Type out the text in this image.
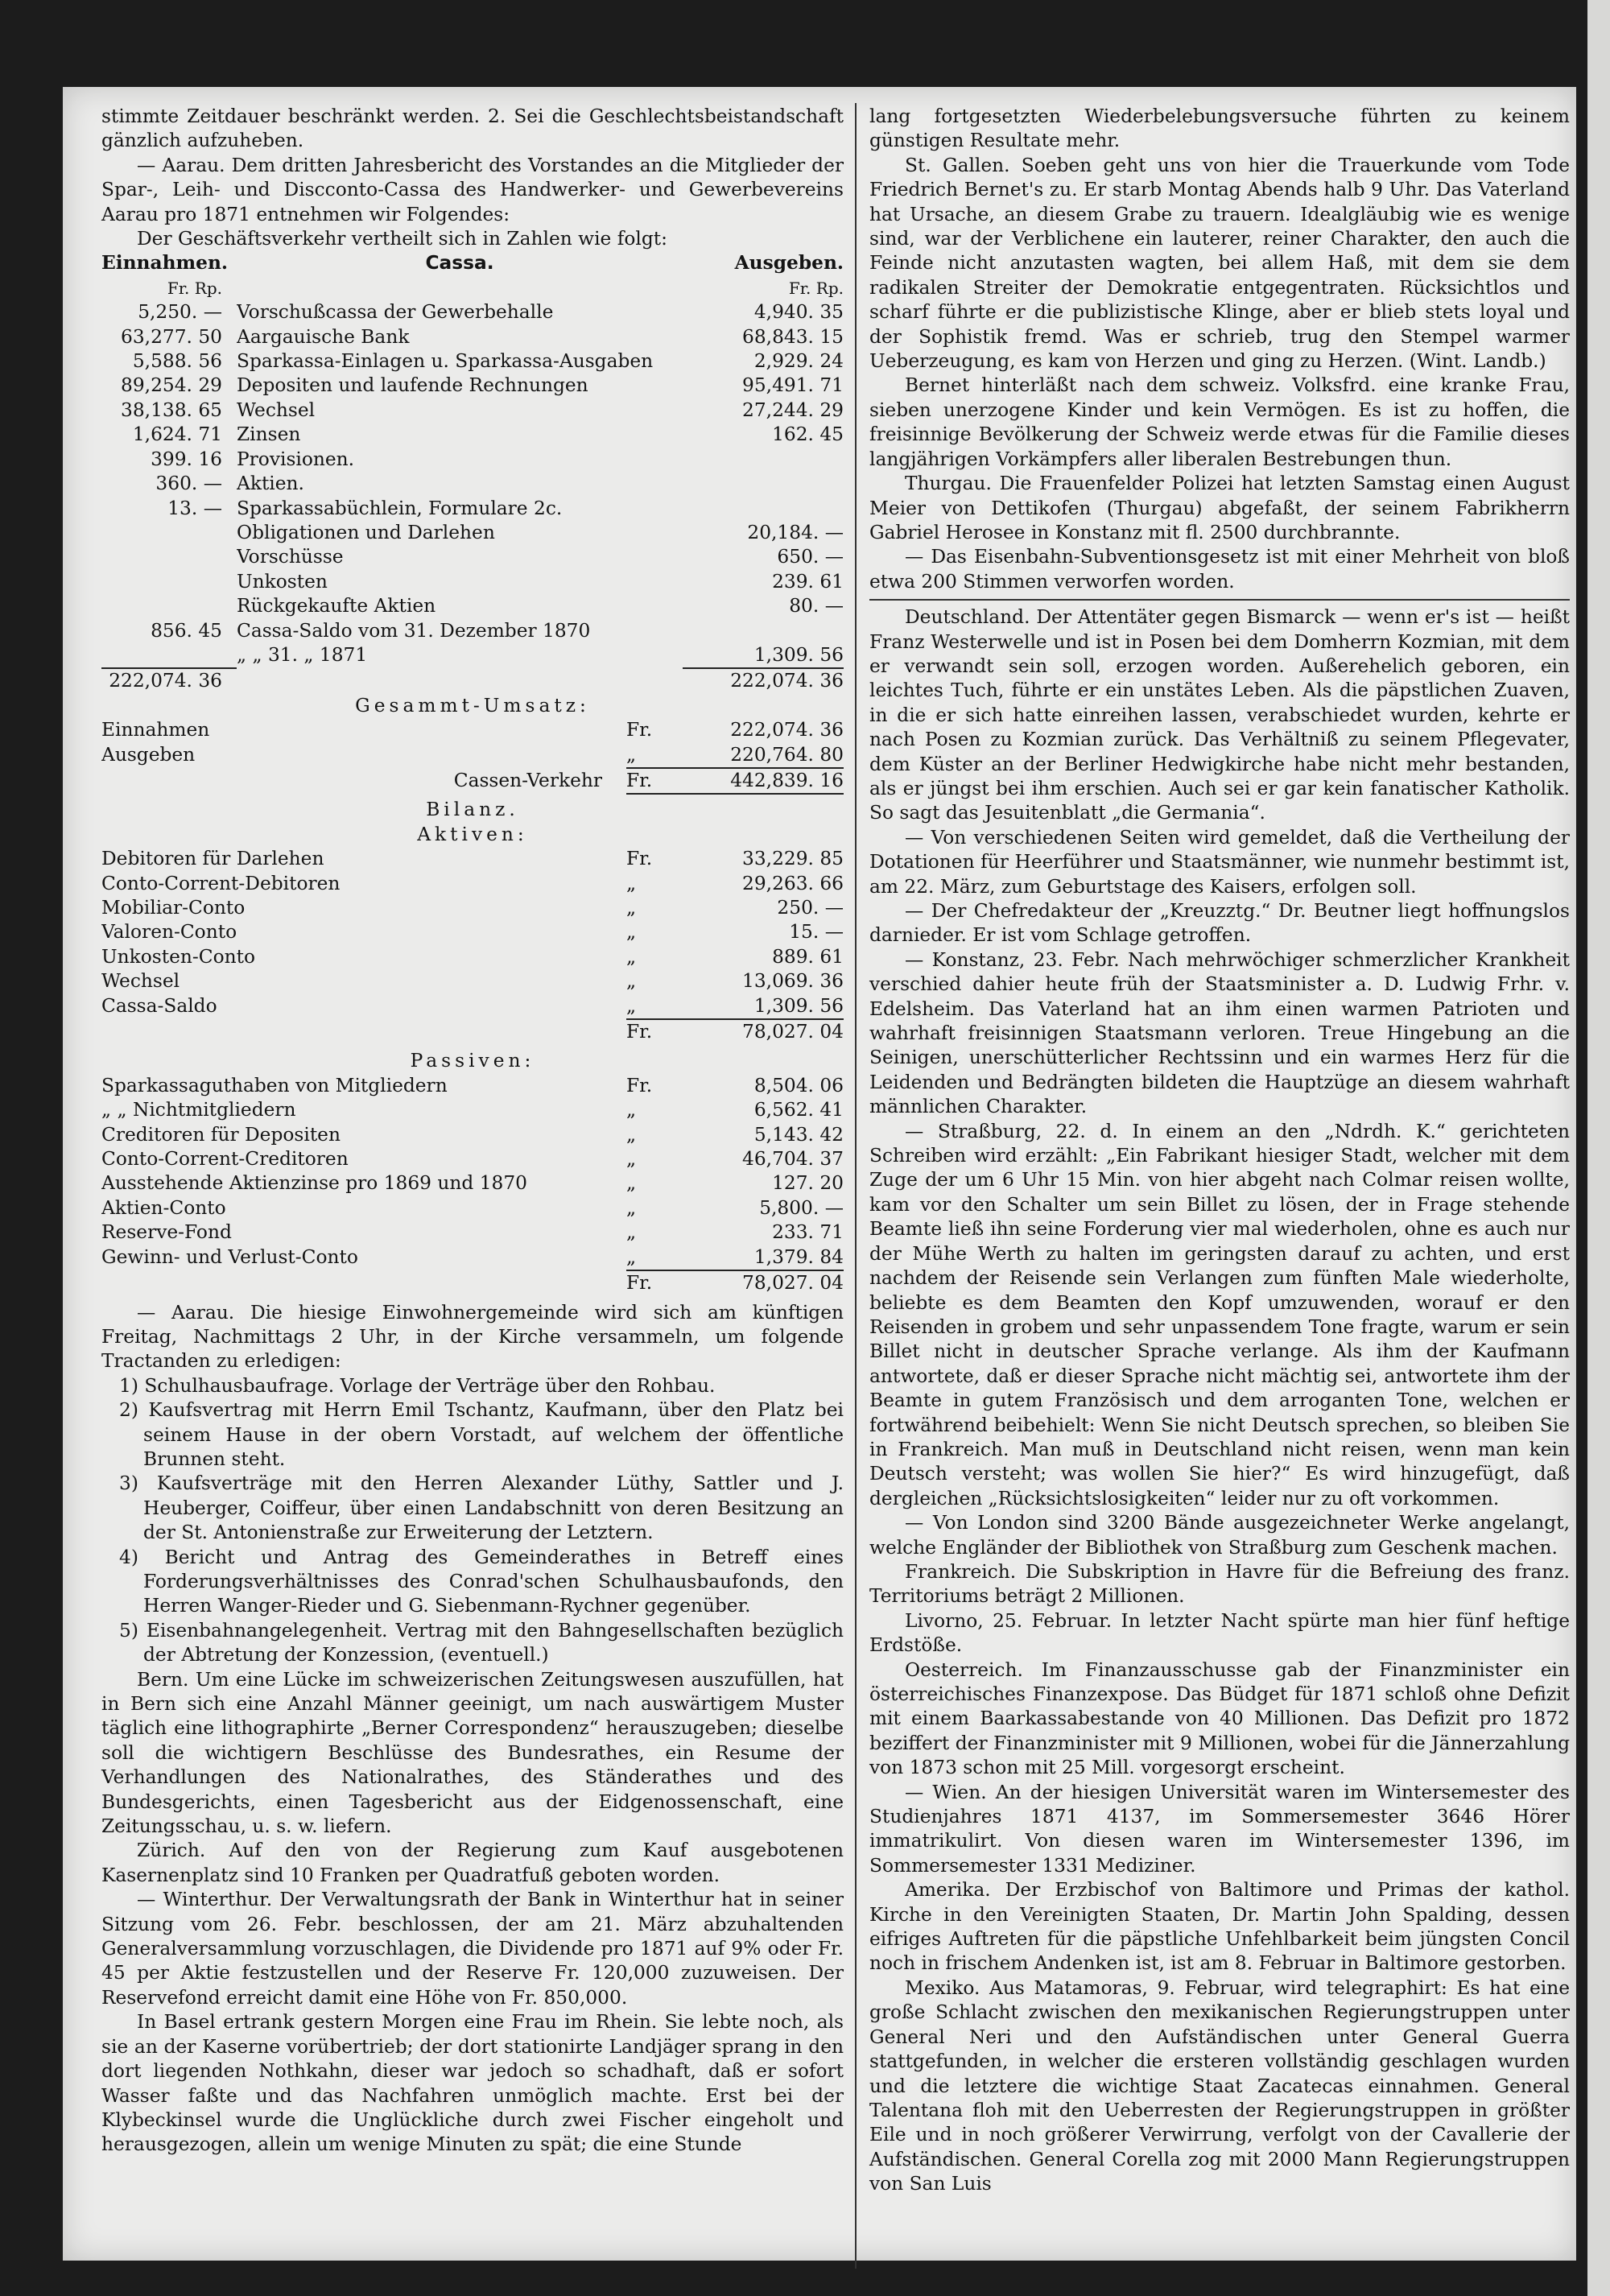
stimmte Zeitdauer beschränkt werden. 2. Sei die Geschlechtsbeistandschaft gänzlich aufzuheben.

— Aarau. Dem dritten Jahresbericht des Vorstandes an die Mitglieder der Spar-, Leih- und Discconto-Cassa des Handwerker- und Gewerbevereins Aarau pro 1871 entnehmen wir Folgendes:

Der Geschäftsverkehr vertheilt sich in Zahlen wie folgt:

Einnahmen.	Cassa.	Ausgeben.
Fr. Rp.	Fr. Rp.
5,250. — Vorschußcassa der Gewerbehalle	4,940. 35
63,277. 50 Aargauische Bank	68,843. 15
5,588. 56 Sparkassa-Einlagen u. Sparkassa-Ausgaben	2,929. 24
89,254. 29 Depositen und laufende Rechnungen	95,491. 71
38,138. 65 Wechsel	27,244. 29
1,624. 71 Zinsen	162. 45
399. 16 Provisionen.
360. — Aktien.
13. — Sparkassabüchlein, Formulare 2c.
Obligationen und Darlehen	20,184. —
Vorschüsse	650. —
Unkosten	239. 61
Rückgekaufte Aktien	80. —
856. 45 Cassa-Saldo vom 31. Dezember 1870
„ „ 31. „ 1871	1,309. 56
222,074. 36	222,074. 36
Gesammt-Umsatz:
Einnahmen	Fr.	222,074. 36
Ausgeben	„	220,764. 80
Cassen-Verkehr	Fr.	442,839. 16
Bilanz.
Aktiven:
Debitoren für Darlehen	Fr.	33,229. 85
Conto-Corrent-Debitoren	„	29,263. 66
Mobiliar-Conto	„	250. —
Valoren-Conto	„	15. —
Unkosten-Conto	„	889. 61
Wechsel	„	13,069. 36
Cassa-Saldo	„	1,309. 56
Fr.	78,027. 04
Passiven:
Sparkassaguthaben von Mitgliedern	Fr.	8,504. 06
„ „ Nichtmitgliedern	„	6,562. 41
Creditoren für Depositen	„	5,143. 42
Conto-Corrent-Creditoren	„	46,704. 37
Ausstehende Aktienzinse pro 1869 und 1870	„	127. 20
Aktien-Conto	„	5,800. —
Reserve-Fond	„	233. 71
Gewinn- und Verlust-Conto	„	1,379. 84
Fr.	78,027. 04

— Aarau. Die hiesige Einwohnergemeinde wird sich am künftigen Freitag, Nachmittags 2 Uhr, in der Kirche versammeln, um folgende Tractanden zu erledigen:

1) Schulhausbaufrage. Vorlage der Verträge über den Rohbau.
2) Kaufsvertrag mit Herrn Emil Tschantz, Kaufmann, über den Platz bei seinem Hause in der obern Vorstadt, auf welchem der öffentliche Brunnen steht.
3) Kaufsverträge mit den Herren Alexander Lüthy, Sattler und J. Heuberger, Coiffeur, über einen Landabschnitt von deren Besitzung an der St. Antonienstraße zur Erweiterung der Letztern.
4) Bericht und Antrag des Gemeinderathes in Betreff eines Forderungsverhältnisses des Conrad'schen Schulhausbaufonds, den Herren Wanger-Rieder und G. Siebenmann-Rychner gegenüber.
5) Eisenbahnangelegenheit. Vertrag mit den Bahngesellschaften bezüglich der Abtretung der Konzession, (eventuell.)

Bern. Um eine Lücke im schweizerischen Zeitungswesen auszufüllen, hat in Bern sich eine Anzahl Männer geeinigt, um nach auswärtigem Muster täglich eine lithographirte „Berner Correspondenz“ herauszugeben; dieselbe soll die wichtigern Beschlüsse des Bundesrathes, ein Resume der Verhandlungen des Nationalrathes, des Ständerathes und des Bundesgerichts, einen Tagesbericht aus der Eidgenossenschaft, eine Zeitungsschau, u. s. w. liefern.

Zürich. Auf den von der Regierung zum Kauf ausgebotenen Kasernenplatz sind 10 Franken per Quadratfuß geboten worden.

— Winterthur. Der Verwaltungsrath der Bank in Winterthur hat in seiner Sitzung vom 26. Febr. beschlossen, der am 21. März abzuhaltenden Generalversammlung vorzuschlagen, die Dividende pro 1871 auf 9% oder Fr. 45 per Aktie festzustellen und der Reserve Fr. 120,000 zuzuweisen. Der Reservefond erreicht damit eine Höhe von Fr. 850,000.

In Basel ertrank gestern Morgen eine Frau im Rhein. Sie lebte noch, als sie an der Kaserne vorübertrieb; der dort stationirte Landjäger sprang in den dort liegenden Nothkahn, dieser war jedoch so schadhaft, daß er sofort Wasser faßte und das Nachfahren unmöglich machte. Erst bei der Klybeckinsel wurde die Unglückliche durch zwei Fischer eingeholt und herausgezogen, allein um wenige Minuten zu spät; die eine Stunde

lang fortgesetzten Wiederbelebungsversuche führten zu keinem günstigen Resultate mehr.

St. Gallen. Soeben geht uns von hier die Trauerkunde vom Tode Friedrich Bernet's zu. Er starb Montag Abends halb 9 Uhr. Das Vaterland hat Ursache, an diesem Grabe zu trauern. Idealgläubig wie es wenige sind, war der Verblichene ein lauterer, reiner Charakter, den auch die Feinde nicht anzutasten wagten, bei allem Haß, mit dem sie dem radikalen Streiter der Demokratie entgegentraten. Rücksichtlos und scharf führte er die publizistische Klinge, aber er blieb stets loyal und der Sophistik fremd. Was er schrieb, trug den Stempel warmer Ueberzeugung, es kam von Herzen und ging zu Herzen. (Wint. Landb.)

Bernet hinterläßt nach dem schweiz. Volksfrd. eine kranke Frau, sieben unerzogene Kinder und kein Vermögen. Es ist zu hoffen, die freisinnige Bevölkerung der Schweiz werde etwas für die Familie dieses langjährigen Vorkämpfers aller liberalen Bestrebungen thun.

Thurgau. Die Frauenfelder Polizei hat letzten Samstag einen August Meier von Dettikofen (Thurgau) abgefaßt, der seinem Fabrikherrn Gabriel Herosee in Konstanz mit fl. 2500 durchbrannte.

— Das Eisenbahn-Subventionsgesetz ist mit einer Mehrheit von bloß etwa 200 Stimmen verworfen worden.

Deutschland. Der Attentäter gegen Bismarck — wenn er's ist — heißt Franz Westerwelle und ist in Posen bei dem Domherrn Kozmian, mit dem er verwandt sein soll, erzogen worden. Außerehelich geboren, ein leichtes Tuch, führte er ein unstätes Leben. Als die päpstlichen Zuaven, in die er sich hatte einreihen lassen, verabschiedet wurden, kehrte er nach Posen zu Kozmian zurück. Das Verhältniß zu seinem Pflegevater, dem Küster an der Berliner Hedwigkirche habe nicht mehr bestanden, als er jüngst bei ihm erschien. Auch sei er gar kein fanatischer Katholik. So sagt das Jesuitenblatt „die Germania“.

— Von verschiedenen Seiten wird gemeldet, daß die Vertheilung der Dotationen für Heerführer und Staatsmänner, wie nunmehr bestimmt ist, am 22. März, zum Geburtstage des Kaisers, erfolgen soll.

— Der Chefredakteur der „Kreuzztg.“ Dr. Beutner liegt hoffnungslos darnieder. Er ist vom Schlage getroffen.

— Konstanz, 23. Febr. Nach mehrwöchiger schmerzlicher Krankheit verschied dahier heute früh der Staatsminister a. D. Ludwig Frhr. v. Edelsheim. Das Vaterland hat an ihm einen warmen Patrioten und wahrhaft freisinnigen Staatsmann verloren. Treue Hingebung an die Seinigen, unerschütterlicher Rechtssinn und ein warmes Herz für die Leidenden und Bedrängten bildeten die Hauptzüge an diesem wahrhaft männlichen Charakter.

— Straßburg, 22. d. In einem an den „Ndrdh. K.“ gerichteten Schreiben wird erzählt: „Ein Fabrikant hiesiger Stadt, welcher mit dem Zuge der um 6 Uhr 15 Min. von hier abgeht nach Colmar reisen wollte, kam vor den Schalter um sein Billet zu lösen, der in Frage stehende Beamte ließ ihn seine Forderung vier mal wiederholen, ohne es auch nur der Mühe Werth zu halten im geringsten darauf zu achten, und erst nachdem der Reisende sein Verlangen zum fünften Male wiederholte, beliebte es dem Beamten den Kopf umzuwenden, worauf er den Reisenden in grobem und sehr unpassendem Tone fragte, warum er sein Billet nicht in deutscher Sprache verlange. Als ihm der Kaufmann antwortete, daß er dieser Sprache nicht mächtig sei, antwortete ihm der Beamte in gutem Französisch und dem arroganten Tone, welchen er fortwährend beibehielt: Wenn Sie nicht Deutsch sprechen, so bleiben Sie in Frankreich. Man muß in Deutschland nicht reisen, wenn man kein Deutsch versteht; was wollen Sie hier?“ Es wird hinzugefügt, daß dergleichen „Rücksichtslosigkeiten“ leider nur zu oft vorkommen.

— Von London sind 3200 Bände ausgezeichneter Werke angelangt, welche Engländer der Bibliothek von Straßburg zum Geschenk machen.

Frankreich. Die Subskription in Havre für die Befreiung des franz. Territoriums beträgt 2 Millionen.

Livorno, 25. Februar. In letzter Nacht spürte man hier fünf heftige Erdstöße.

Oesterreich. Im Finanzausschusse gab der Finanzminister ein österreichisches Finanzexpose. Das Büdget für 1871 schloß ohne Defizit mit einem Baarkassabestande von 40 Millionen. Das Defizit pro 1872 beziffert der Finanzminister mit 9 Millionen, wobei für die Jännerzahlung von 1873 schon mit 25 Mill. vorgesorgt erscheint.

— Wien. An der hiesigen Universität waren im Wintersemester des Studienjahres 1871 4137, im Sommersemester 3646 Hörer immatrikulirt. Von diesen waren im Wintersemester 1396, im Sommersemester 1331 Mediziner.

Amerika. Der Erzbischof von Baltimore und Primas der kathol. Kirche in den Vereinigten Staaten, Dr. Martin John Spalding, dessen eifriges Auftreten für die päpstliche Unfehlbarkeit beim jüngsten Concil noch in frischem Andenken ist, ist am 8. Februar in Baltimore gestorben.

Mexiko. Aus Matamoras, 9. Februar, wird telegraphirt: Es hat eine große Schlacht zwischen den mexikanischen Regierungstruppen unter General Neri und den Aufständischen unter General Guerra stattgefunden, in welcher die ersteren vollständig geschlagen wurden und die letztere die wichtige Staat Zacatecas einnahmen. General Talentana floh mit den Ueberresten der Regierungstruppen in größter Eile und in noch größerer Verwirrung, verfolgt von der Cavallerie der Aufständischen. General Corella zog mit 2000 Mann Regierungstruppen von San Luis
